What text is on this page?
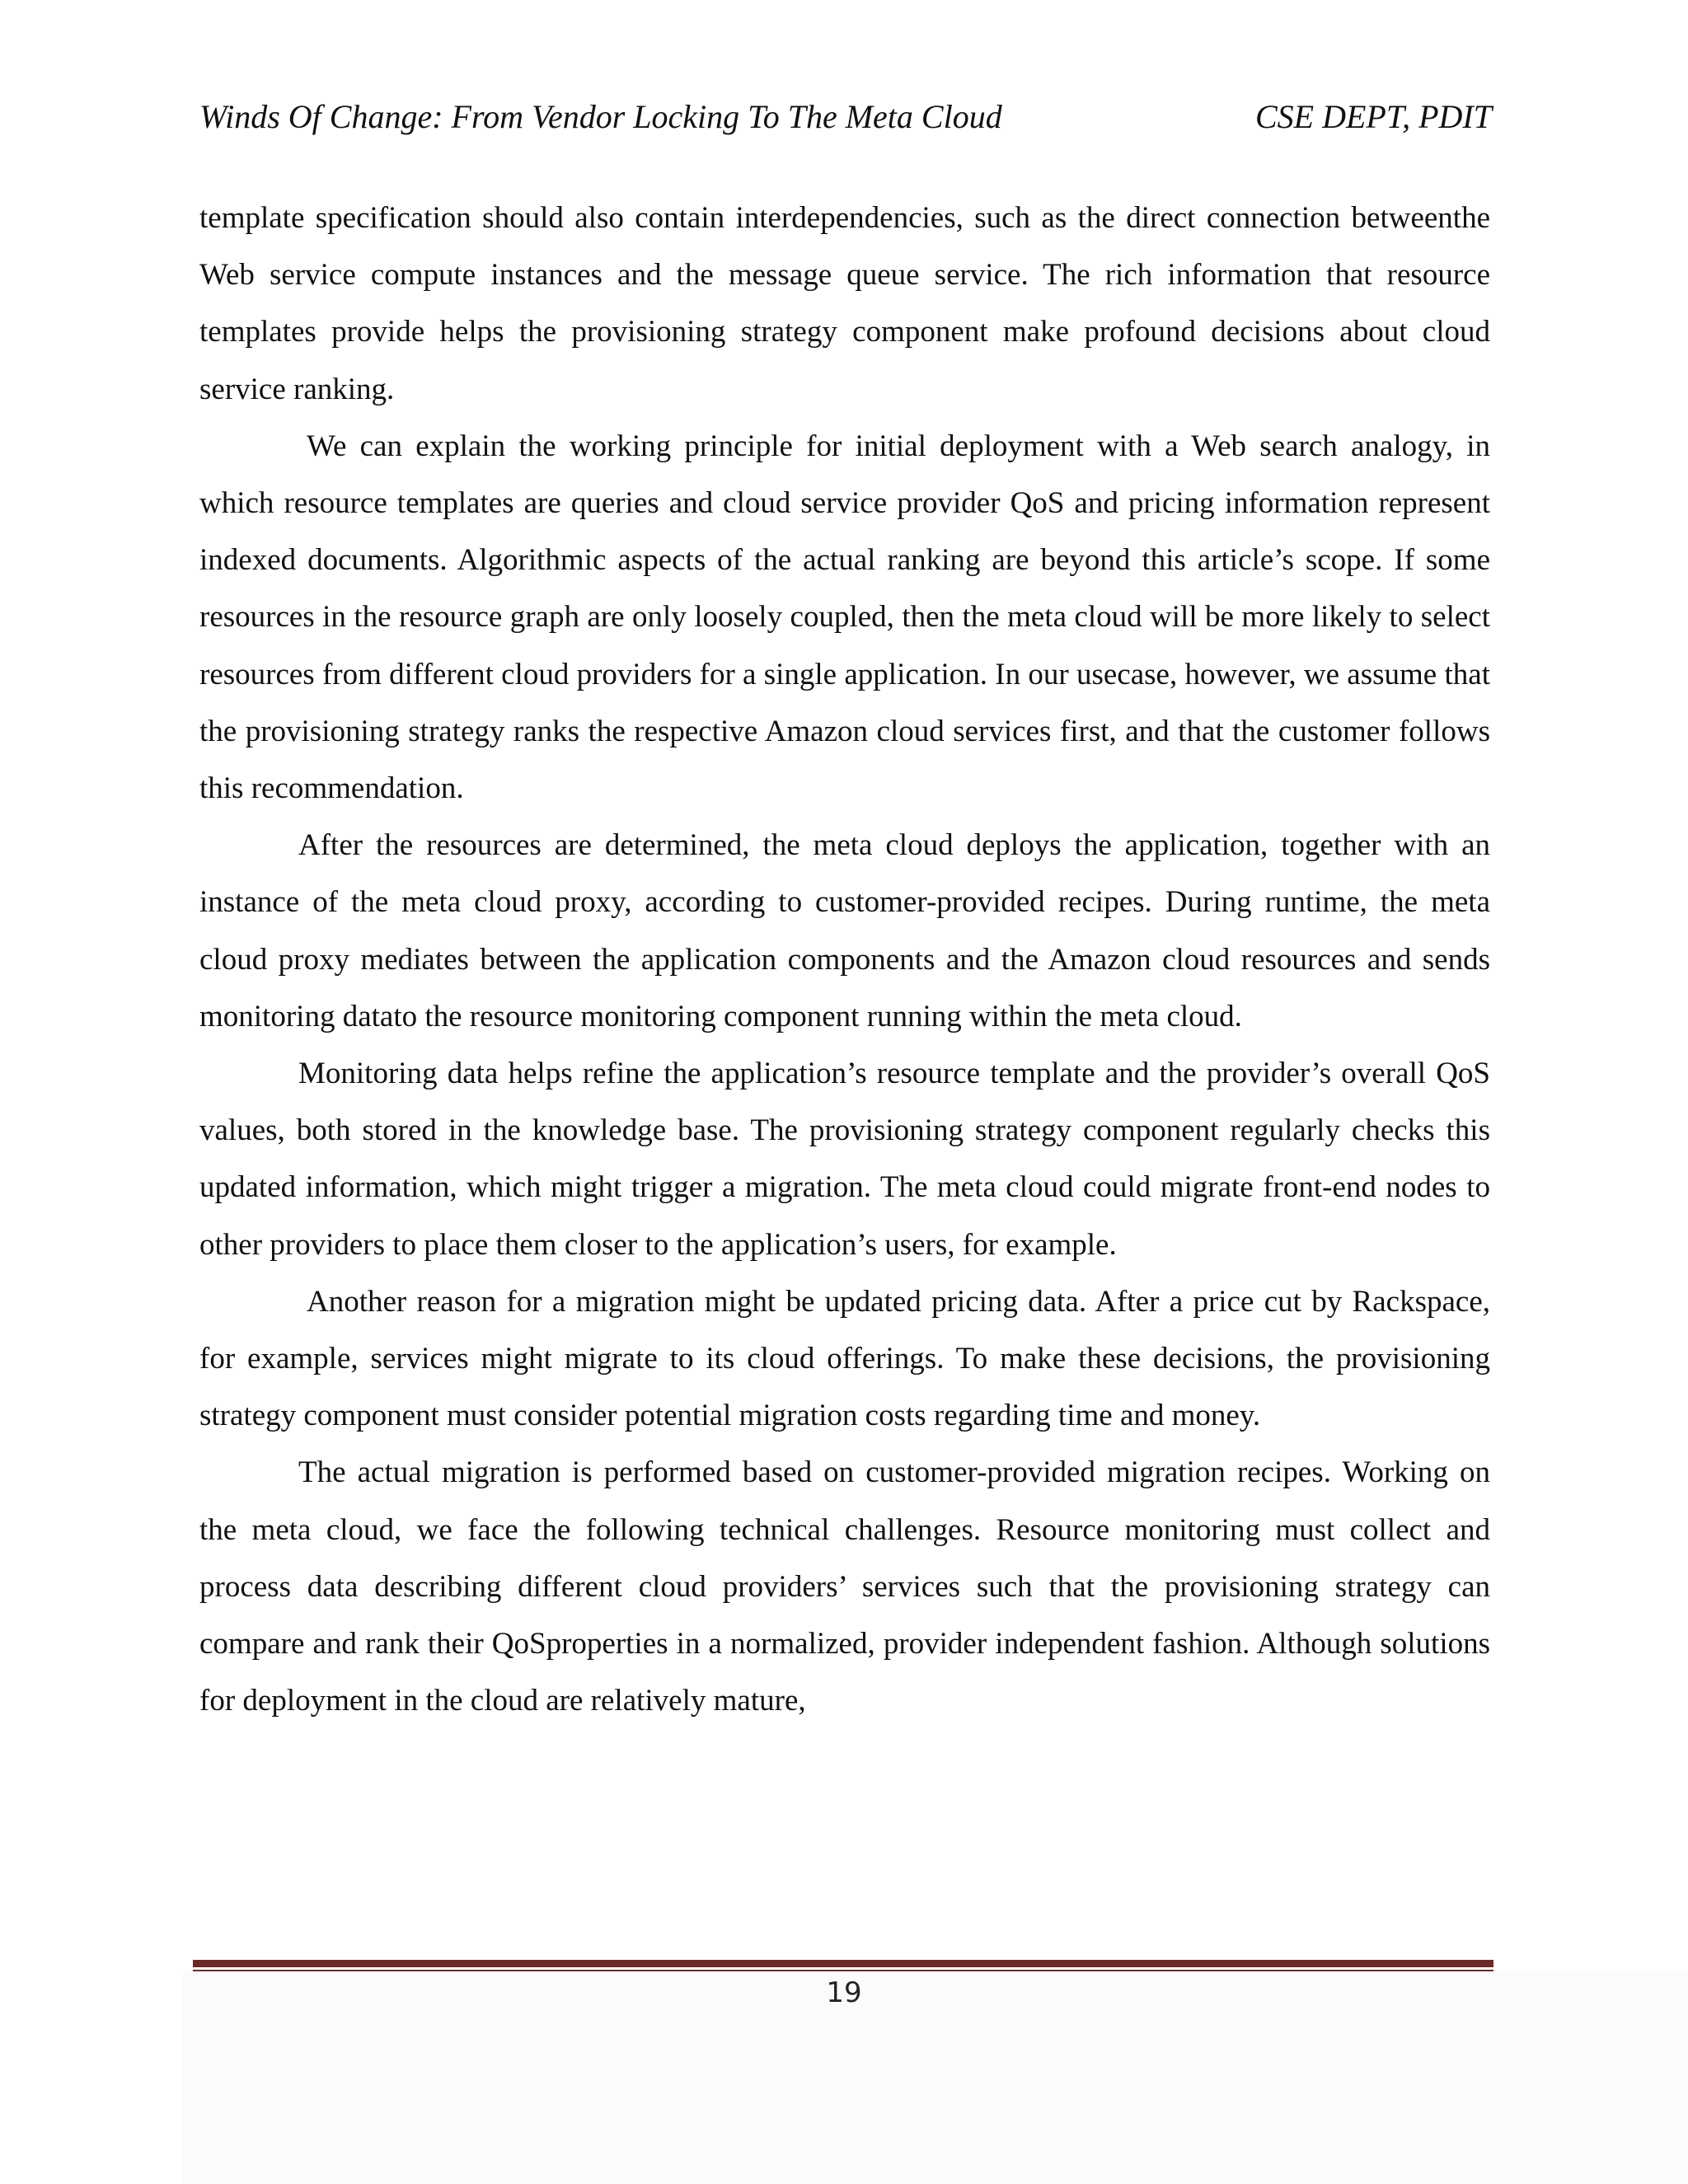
Winds Of Change: From Vendor Locking To The Meta Cloud	CSE DEPT, PDIT

template specification should also contain interdependencies, such as the direct connection betweenthe Web service compute instances and the message queue service. The rich information that resource templates provide helps the provisioning strategy component make profound decisions about cloud service ranking.

We can explain the working principle for initial deployment with a Web search analogy, in which resource templates are queries and cloud service provider QoS and pricing information represent indexed documents. Algorithmic aspects of the actual ranking are beyond this article’s scope. If some resources in the resource graph are only loosely coupled, then the meta cloud will be more likely to select resources from different cloud providers for a single application. In our usecase, however, we assume that the provisioning strategy ranks the respective Amazon cloud services first, and that the customer follows this recommendation.

After the resources are determined, the meta cloud deploys the application, together with an instance of the meta cloud proxy, according to customer-provided recipes. During runtime, the meta cloud proxy mediates between the application components and the Amazon cloud resources and sends monitoring datato the resource monitoring component running within the meta cloud.

Monitoring data helps refine the application’s resource template and the provider’s overall QoS values, both stored in the knowledge base. The provisioning strategy component regularly checks this updated information, which might trigger a migration. The meta cloud could migrate front-end nodes to other providers to place them closer to the application’s users, for example.

Another reason for a migration might be updated pricing data. After a price cut by Rackspace, for example, services might migrate to its cloud offerings. To make these decisions, the provisioning strategy component must consider potential migration costs regarding time and money.

The actual migration is performed based on customer-provided migration recipes. Working on the meta cloud, we face the following technical challenges. Resource monitoring must collect and process data describing different cloud providers’ services such that the provisioning strategy can compare and rank their QoSproperties in a normalized, provider independent fashion. Although solutions for deployment in the cloud are relatively mature,

19
